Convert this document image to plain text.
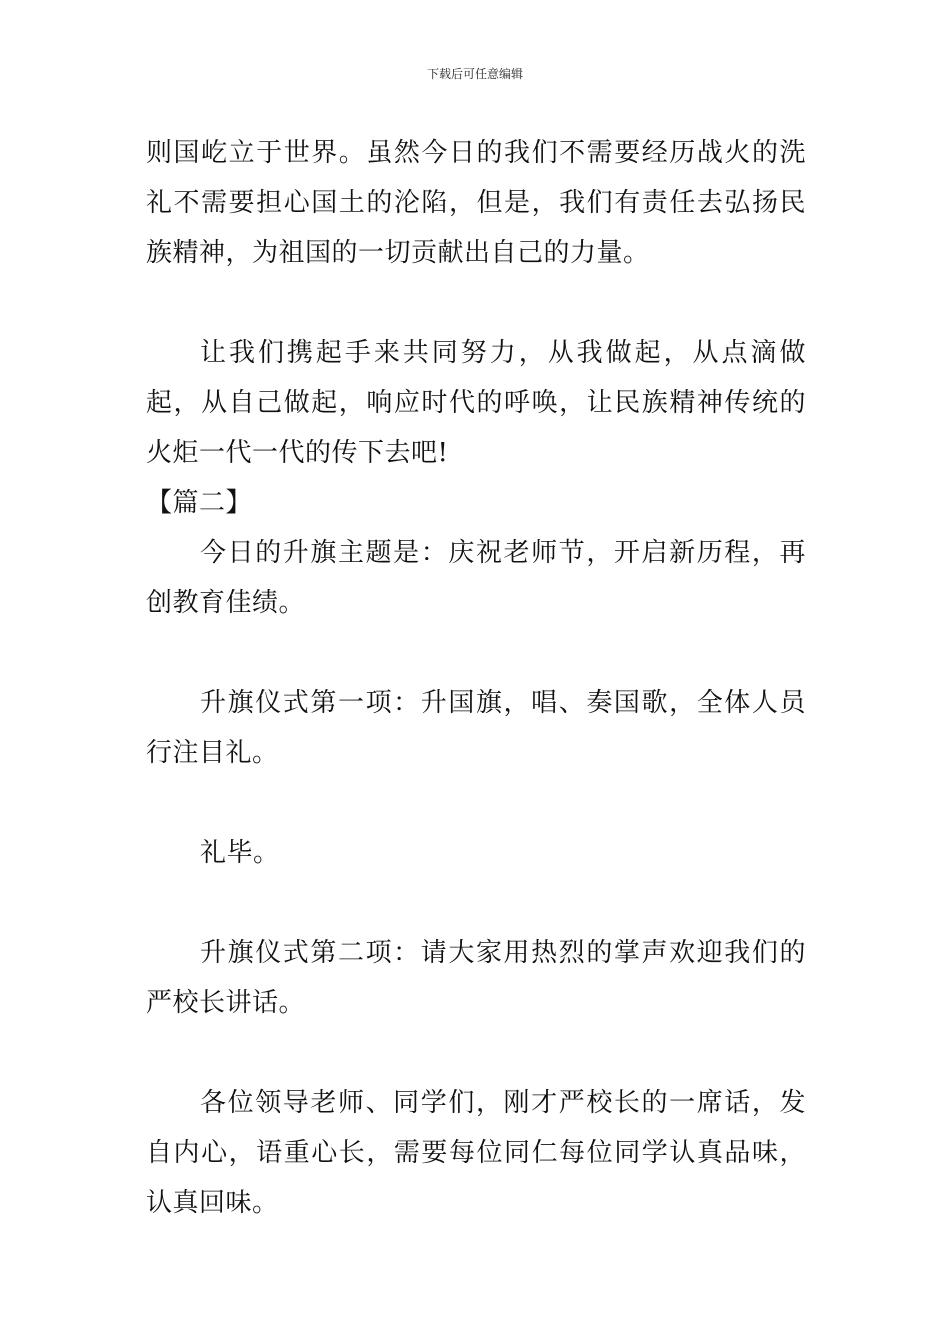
下载后可任意编辑

则国屹立于世界。虽然今日的我们不需要经历战火的洗礼不需要担心国土的沦陷，但是，我们有责任去弘扬民族精神，为祖国的一切贡献出自己的力量。

让我们携起手来共同努力，从我做起，从点滴做起，从自己做起，响应时代的呼唤，让民族精神传统的火炬一代一代的传下去吧!

【篇二】

今日的升旗主题是：庆祝老师节，开启新历程，再创教育佳绩。

升旗仪式第一项：升国旗，唱、奏国歌，全体人员行注目礼。

礼毕。

升旗仪式第二项：请大家用热烈的掌声欢迎我们的严校长讲话。

各位领导老师、同学们，刚才严校长的一席话，发自内心，语重心长，需要每位同仁每位同学认真品味，认真回味。
